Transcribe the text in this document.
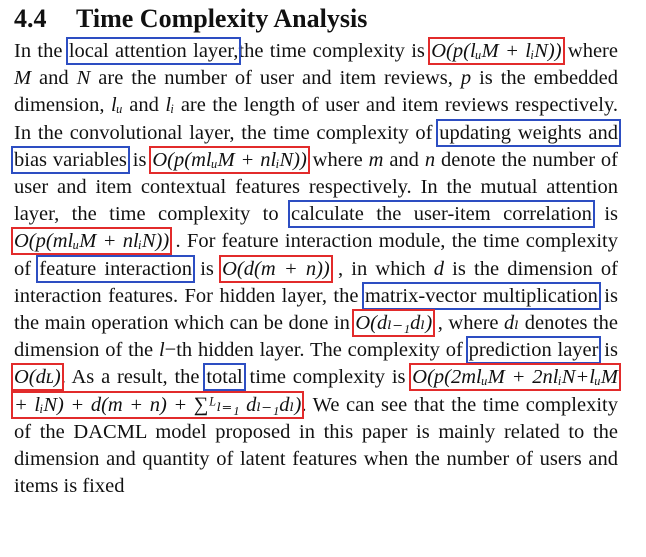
4.4 Time Complexity Analysis

In the local attention layer,the time complexity is O(p(lᵤM + lᵢN)) where M and N are the number of user and item reviews, p is the embedded dimension, lᵤ and lᵢ are the length of user and item reviews respectively. In the convolutional layer, the time complexity of updating weights and bias variables is O(p(mlᵤM + nlᵢN)) where m and n denote the number of user and item contextual features respectively. In the mutual attention layer, the time complexity to calculate the user-item correlation is O(p(mlᵤM + nlᵢN)) . For feature interaction module, the time complexity of feature interaction is O(d(m + n)) , in which d is the dimension of interaction features. For hidden layer, the matrix-vector multiplication is the main operation which can be done in O(dₗ₋₁dₗ) , where dₗ denotes the dimension of the l−th hidden layer. The complexity of prediction layer is O(dʟ). As a result, the total time complexity is O(p(2mlᵤM + 2nlᵢN+lᵤM + lᵢN) + d(m + n) + ∑ᴸₗ₌₁ dₗ₋₁dₗ). We can see that the time complexity of the DACML model proposed in this paper is mainly related to the dimension and quantity of latent features when the number of users and items is fixed
